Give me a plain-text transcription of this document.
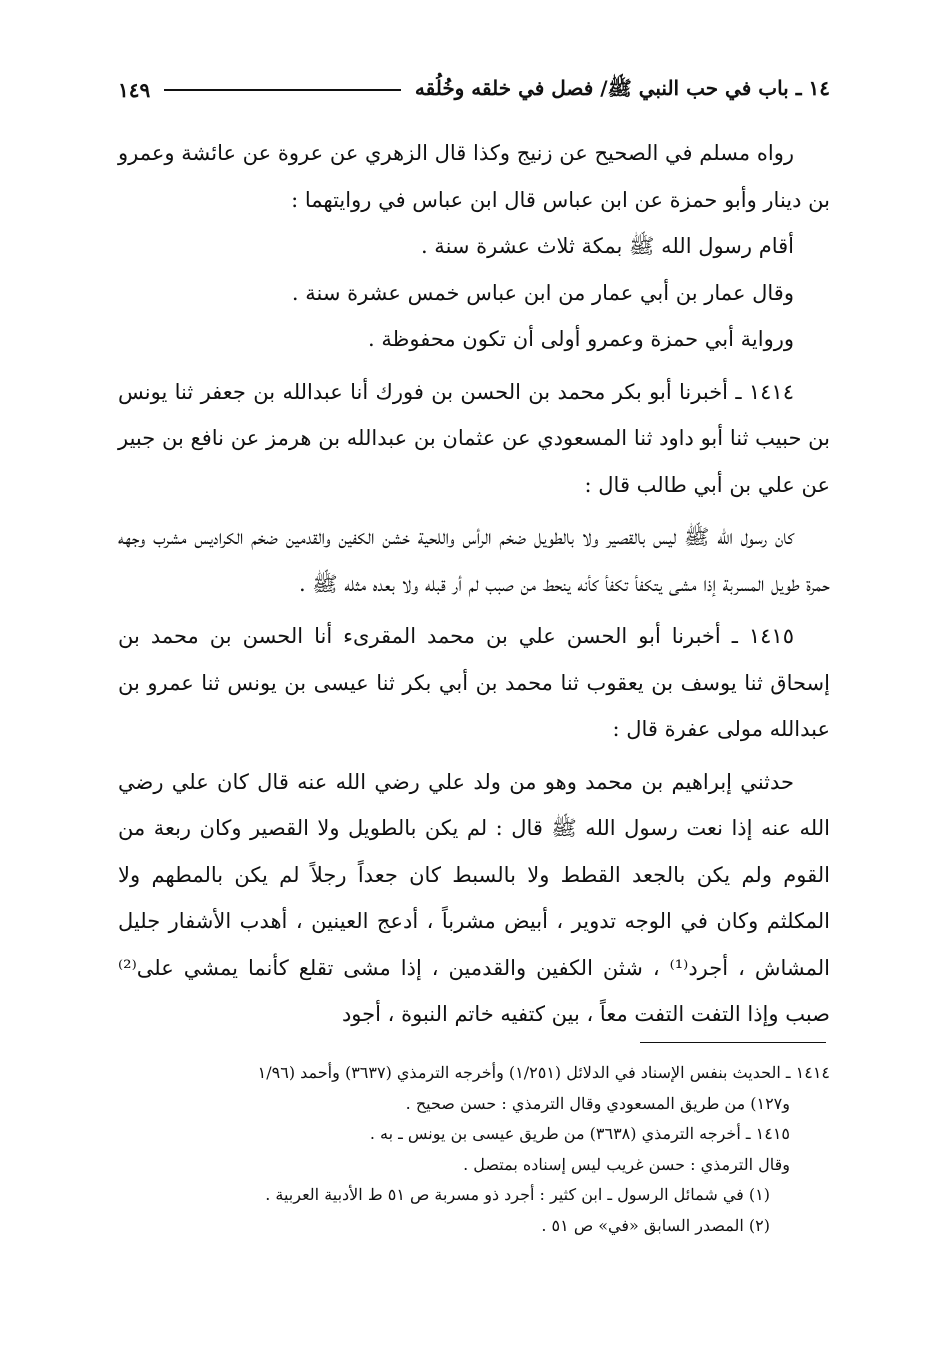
١٤ ـ باب في حب النبي ﷺ/ فصل في خلقه وخُلُقه
١٤٩

رواه مسلم في الصحيح عن زنيج وكذا قال الزهري عن عروة عن عائشة وعمرو بن دينار وأبو حمزة عن ابن عباس قال ابن عباس في روايتهما :

أقام رسول الله ﷺ بمكة ثلاث عشرة سنة .

وقال عمار بن أبي عمار من ابن عباس خمس عشرة سنة .

ورواية أبي حمزة وعمرو أولى أن تكون محفوظة .

١٤١٤ ـ أخبرنا أبو بكر محمد بن الحسن بن فورك أنا عبدالله بن جعفر ثنا يونس بن حبيب ثنا أبو داود ثنا المسعودي عن عثمان بن عبدالله بن هرمز عن نافع بن جبير عن علي بن أبي طالب قال :

كان رسول الله ﷺ ليس بالقصير ولا بالطويل ضخم الرأس واللحية خشن الكفين والقدمين ضخم الكراديس مشرب وجهه حمرة طويل المسربة إذا مشى يتكفأ تكفأ كأنه ينحط من صبب لم أر قبله ولا بعده مثله ﷺ .

١٤١٥ ـ أخبرنا أبو الحسن علي بن محمد المقرىء أنا الحسن بن محمد بن إسحاق ثنا يوسف بن يعقوب ثنا محمد بن أبي بكر ثنا عيسى بن يونس ثنا عمرو بن عبدالله مولى عفرة قال :

حدثني إبراهيم بن محمد وهو من ولد علي رضي الله عنه قال كان علي رضي الله عنه إذا نعت رسول الله ﷺ قال : لم يكن بالطويل ولا القصير وكان ربعة من القوم ولم يكن بالجعد القطط ولا بالسبط كان جعداً رجلاً لم يكن بالمطهم ولا المكلثم وكان في الوجه تدوير ، أبيض مشرباً ، أدعج العينين ، أهدب الأشفار جليل المشاش ، أجرد⁽¹⁾ ، شثن الكفين والقدمين ، إذا مشى تقلع كأنما يمشي على⁽²⁾ صبب وإذا التفت التفت معاً ، بين كتفيه خاتم النبوة ، أجود

١٤١٤ ـ الحديث بنفس الإسناد في الدلائل (١/٢٥١) وأخرجه الترمذي (٣٦٣٧) وأحمد (١/٩٦

و١٢٧) من طريق المسعودي وقال الترمذي : حسن صحيح .

١٤١٥ ـ أخرجه الترمذي (٣٦٣٨) من طريق عيسى بن يونس ـ به .

وقال الترمذي : حسن غريب ليس إسناده بمتصل .

(١) في شمائل الرسول ـ ابن كثير : أجرد ذو مسربة ص ٥١ ط الأدبية العربية .

(٢) المصدر السابق «في» ص ٥١ .
